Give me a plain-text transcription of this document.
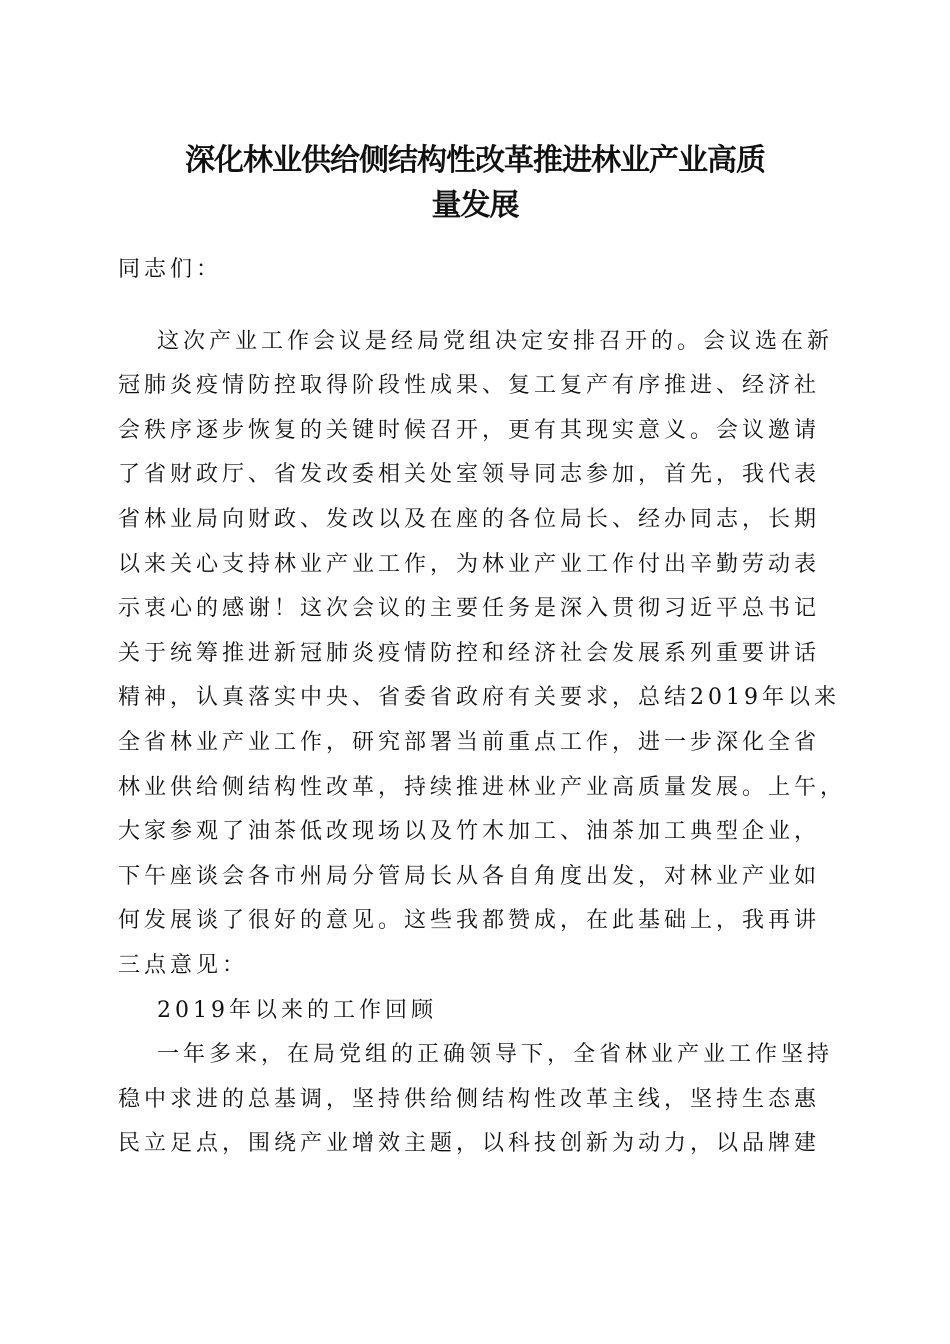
深化林业供给侧结构性改革推进林业产业高质
量发展
同志们：
这次产业工作会议是经局党组决定安排召开的。会议选在新
冠肺炎疫情防控取得阶段性成果、复工复产有序推进、经济社
会秩序逐步恢复的关键时候召开，更有其现实意义。会议邀请
了省财政厅、省发改委相关处室领导同志参加，首先，我代表
省林业局向财政、发改以及在座的各位局长、经办同志，长期
以来关心支持林业产业工作，为林业产业工作付出辛勤劳动表
示衷心的感谢！这次会议的主要任务是深入贯彻习近平总书记
关于统筹推进新冠肺炎疫情防控和经济社会发展系列重要讲话
精神，认真落实中央、省委省政府有关要求，总结2019年以来
全省林业产业工作，研究部署当前重点工作，进一步深化全省
林业供给侧结构性改革，持续推进林业产业高质量发展。上午，
大家参观了油茶低改现场以及竹木加工、油茶加工典型企业，
下午座谈会各市州局分管局长从各自角度出发，对林业产业如
何发展谈了很好的意见。这些我都赞成，在此基础上，我再讲
三点意见：
2019年以来的工作回顾
一年多来，在局党组的正确领导下，全省林业产业工作坚持
稳中求进的总基调，坚持供给侧结构性改革主线，坚持生态惠
民立足点，围绕产业增效主题，以科技创新为动力，以品牌建
